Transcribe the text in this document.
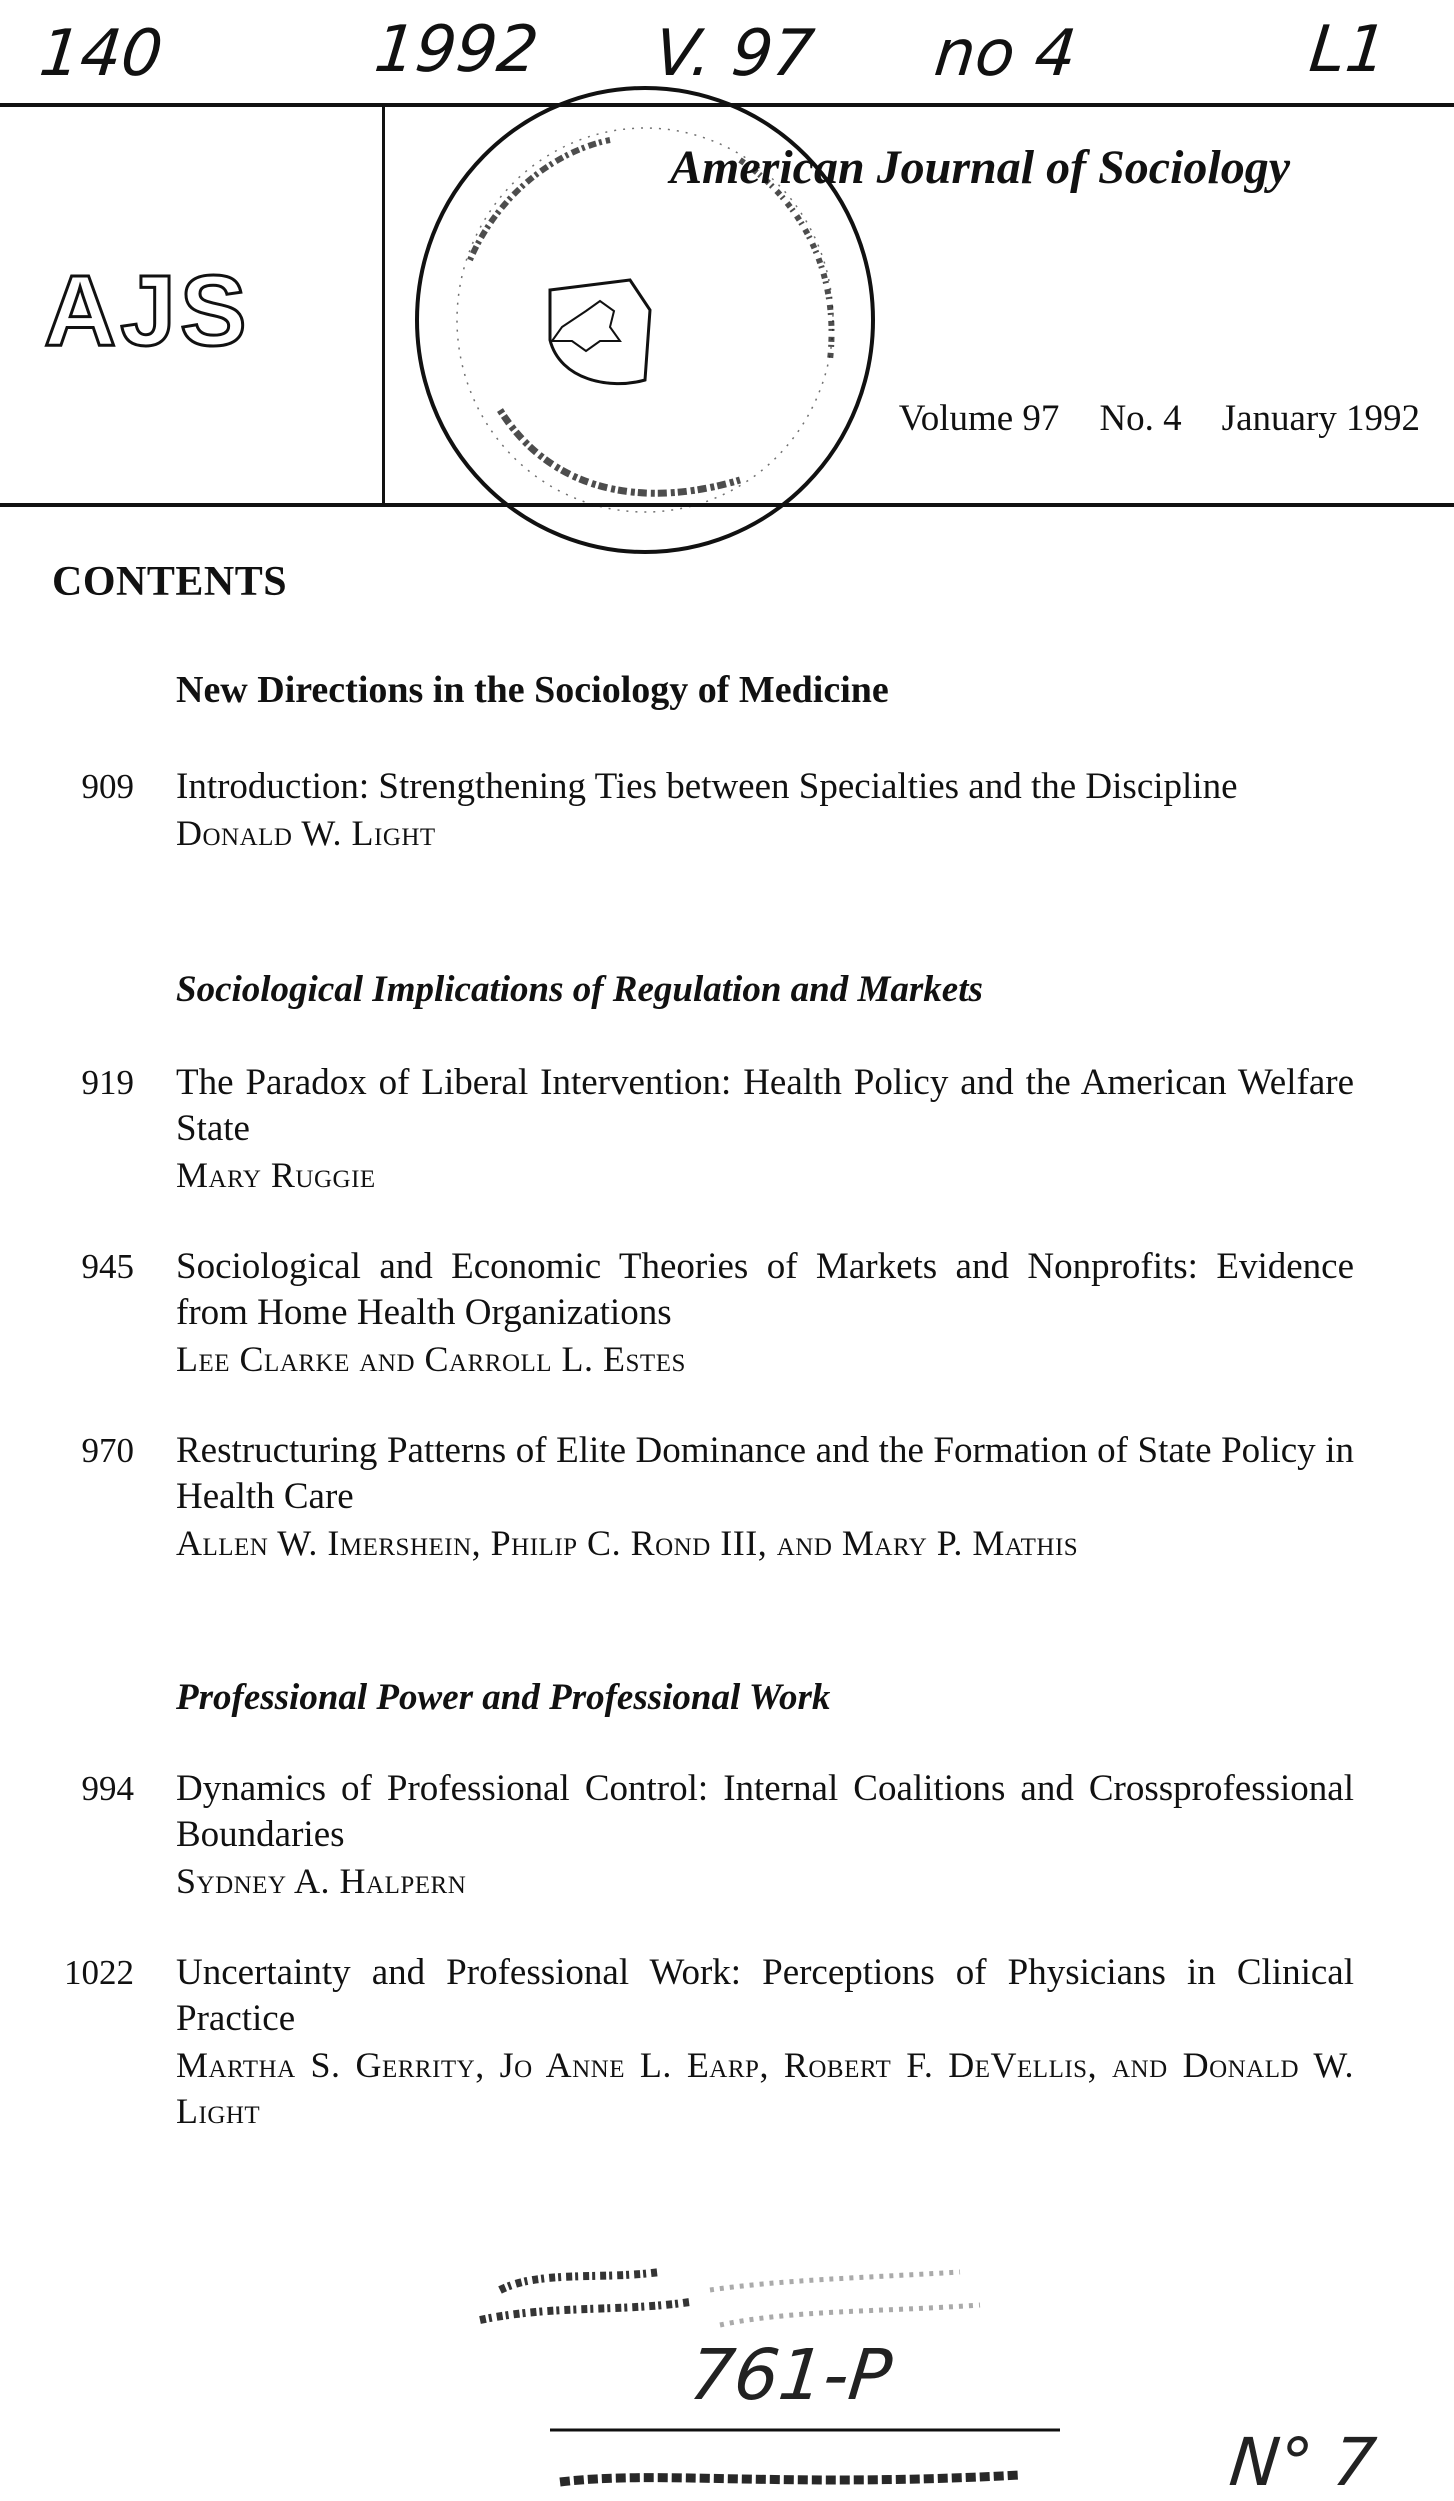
140	1992 V. 97 no 4	L1
AJS
American Journal of Sociology
Volume 97 No. 4 January 1992
CONTENTS
New Directions in the Sociology of Medicine
909 Introduction: Strengthening Ties between Specialties and the Discipline
Donald W. Light
Sociological Implications of Regulation and Markets
919 The Paradox of Liberal Intervention: Health Policy and the American Welfare State
Mary Ruggie
945 Sociological and Economic Theories of Markets and Nonprofits: Evidence from Home Health Organizations
Lee Clarke and Carroll L. Estes
970 Restructuring Patterns of Elite Dominance and the Formation of State Policy in Health Care
Allen W. Imershein, Philip C. Rond III, and Mary P. Mathis
Professional Power and Professional Work
994 Dynamics of Professional Control: Internal Coalitions and Crossprofessional Boundaries
Sydney A. Halpern
1022 Uncertainty and Professional Work: Perceptions of Physicians in Clinical Practice
Martha S. Gerrity, Jo Anne L. Earp, Robert F. DeVellis, and Donald W. Light
761-P
N° 7
